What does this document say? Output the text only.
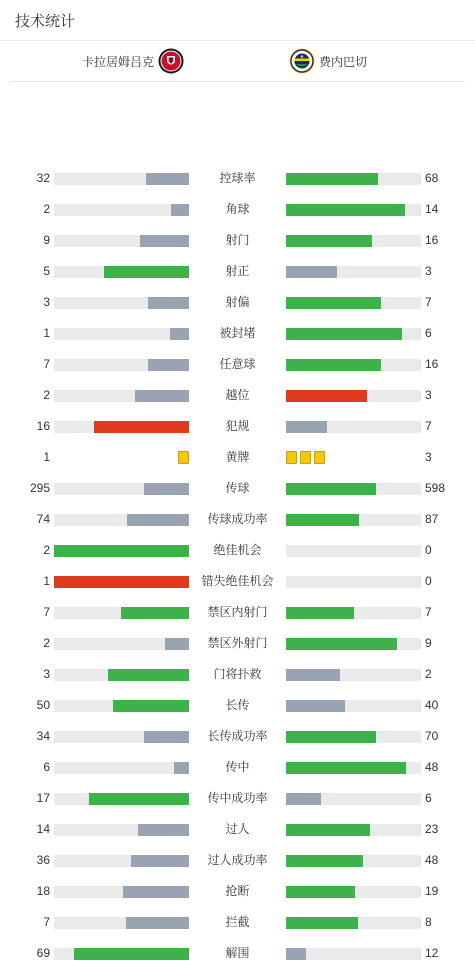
技术统计
卡拉居姆吕克	费内巴切
32	控球率	68
2	角球	14
9	射门	16
5	射正	3
3	射偏	7
1	被封堵	6
7	任意球	16
2	越位	3
16	犯规	7
1	黄牌	3
295	传球	598
74	传球成功率	87
2	绝佳机会	0
1	错失绝佳机会	0
7	禁区内射门	7
2	禁区外射门	9
3	门将扑救	2
50	长传	40
34	长传成功率	70
6	传中	48
17	传中成功率	6
14	过人	23
36	过人成功率	48
18	抢断	19
7	拦截	8
69	解围	12
